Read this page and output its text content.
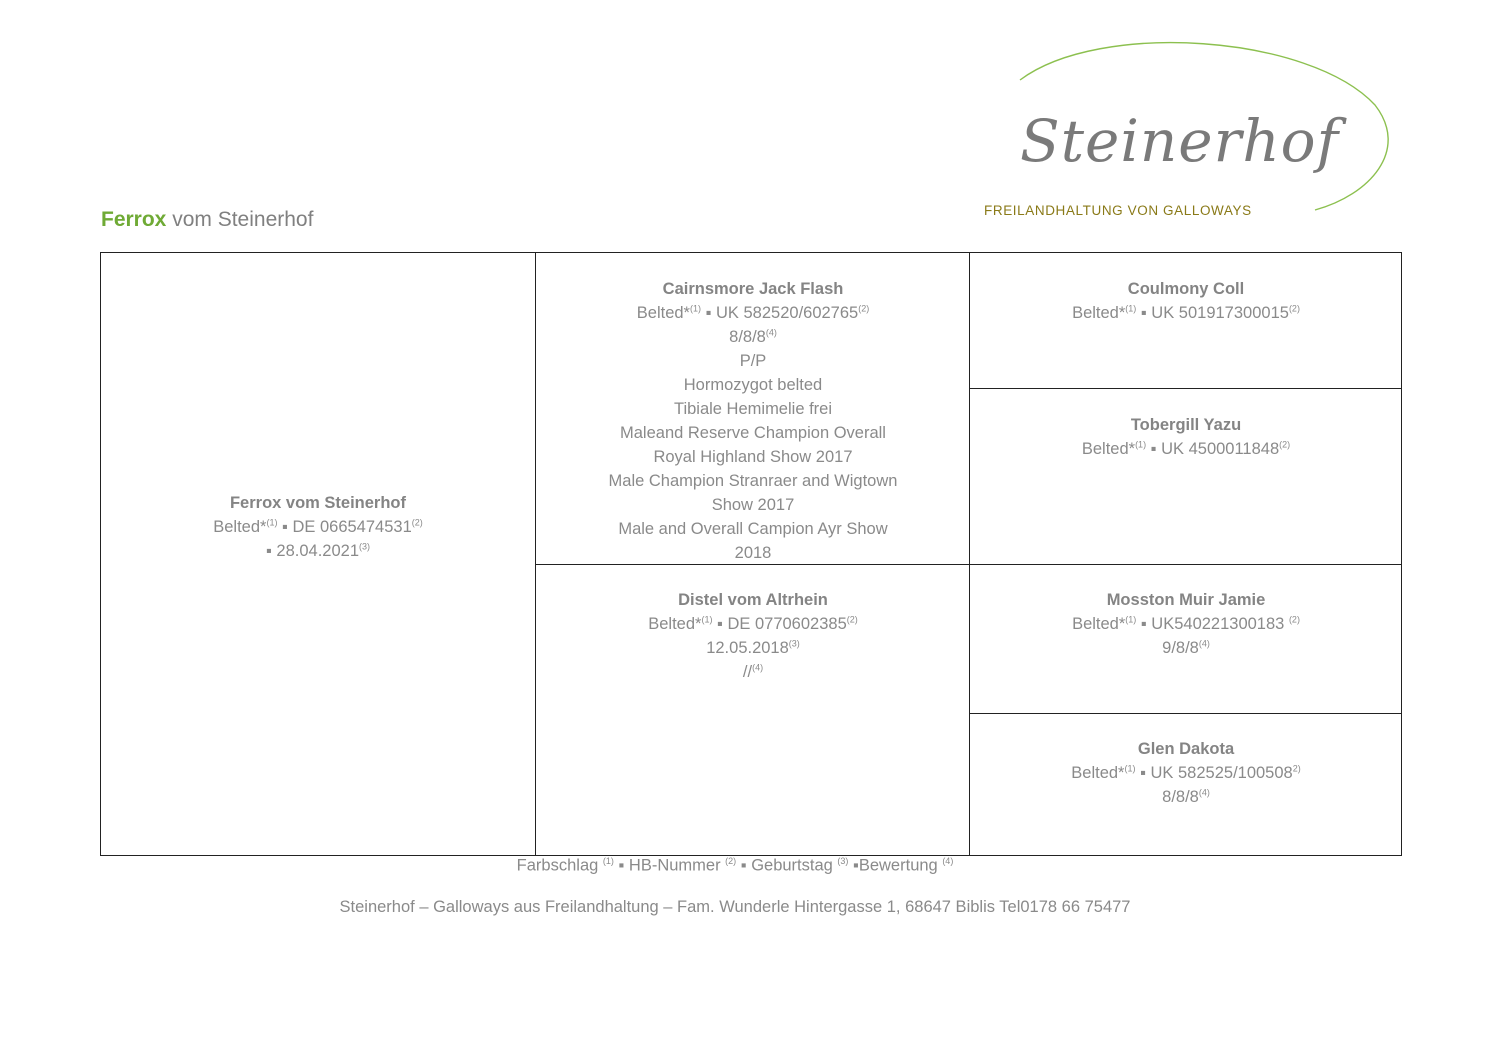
Steinerhof
FREILANDHALTUNG VON GALLOWAYS
Ferrox vom Steinerhof
Ferrox vom Steinerhof
Belted*$^{(1)}$ ▪ DE 0665474531$^{(2)}$
▪ 28.04.2021$^{(3)}$
Cairnsmore Jack Flash
Belted*$^{(1)}$ ▪ UK 582520/602765$^{(2)}$
8/8/8$^{(4)}$
P/P
Hormozygot belted
Tibiale Hemimelie frei
Maleand Reserve Champion Overall
Royal Highland Show 2017
Male Champion Stranraer and Wigtown
Show 2017
Male and Overall Campion Ayr Show
2018
Distel vom Altrhein
Belted*$^{(1)}$ ▪ DE 0770602385$^{(2)}$
12.05.2018$^{(3)}$
//$^{(4)}$
Coulmony Coll
Belted*$^{(1)}$ ▪ UK 501917300015$^{(2)}$
Tobergill Yazu
Belted*$^{(1)}$ ▪ UK 4500011848$^{(2)}$
Mosston Muir Jamie
Belted*$^{(1)}$ ▪ UK540221300183 $^{(2)}$
9/8/8$^{(4)}$
Glen Dakota
Belted*$^{(1)}$ ▪ UK 582525/100508$^{2)}$
8/8/8$^{(4)}$
Farbschlag $^{(1)}$ ▪ HB-Nummer $^{(2)}$ ▪ Geburtstag $^{(3)}$ ▪Bewertung $^{(4)}$
Steinerhof – Galloways aus Freilandhaltung – Fam. Wunderle Hintergasse 1, 68647 Biblis Tel0178 66 75477
